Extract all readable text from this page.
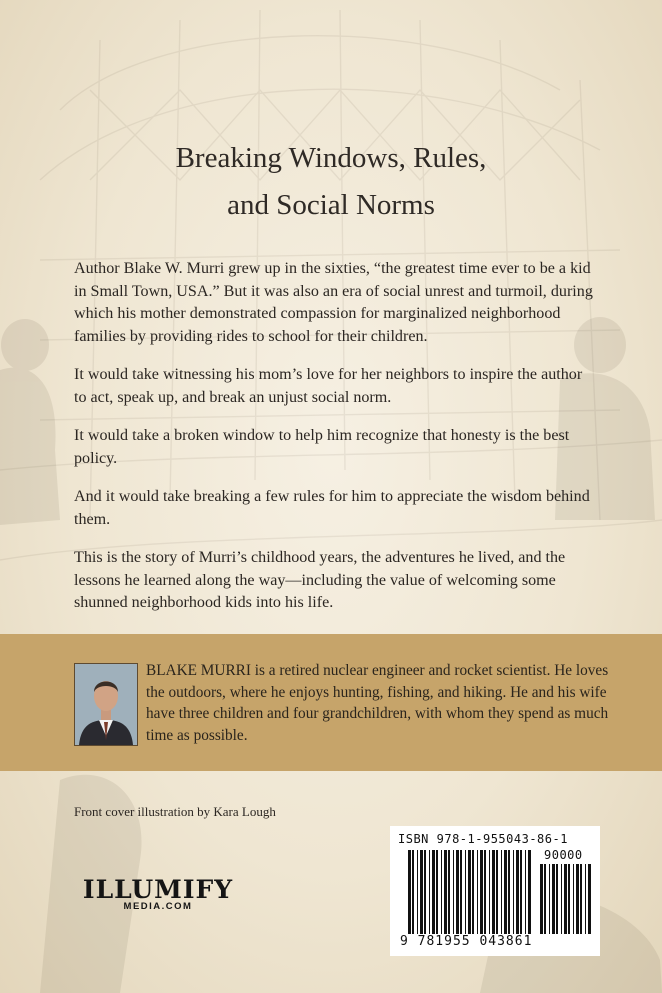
Breaking Windows, Rules,
and Social Norms

Author Blake W. Murri grew up in the sixties, “the greatest time ever to be a kid in Small Town, USA.” But it was also an era of social unrest and turmoil, during which his mother demonstrated compassion for marginalized neighborhood families by providing rides to school for their children.

It would take witnessing his mom’s love for her neighbors to inspire the author to act, speak up, and break an unjust social norm.

It would take a broken window to help him recognize that honesty is the best policy.

And it would take breaking a few rules for him to appreciate the wisdom behind them.

This is the story of Murri’s childhood years, the adventures he lived, and the lessons he learned along the way—including the value of welcoming some shunned neighborhood kids into his life.

BLAKE MURRI is a retired nuclear engineer and rocket scientist. He loves the outdoors, where he enjoys hunting, fishing, and hiking. He and his wife have three children and four grandchildren, with whom they spend as much time as possible.
Front cover illustration by Kara Lough
ILLUMIFY
MEDIA.COM
ISBN 978-1-955043-86-1
90000
9 781955 043861
